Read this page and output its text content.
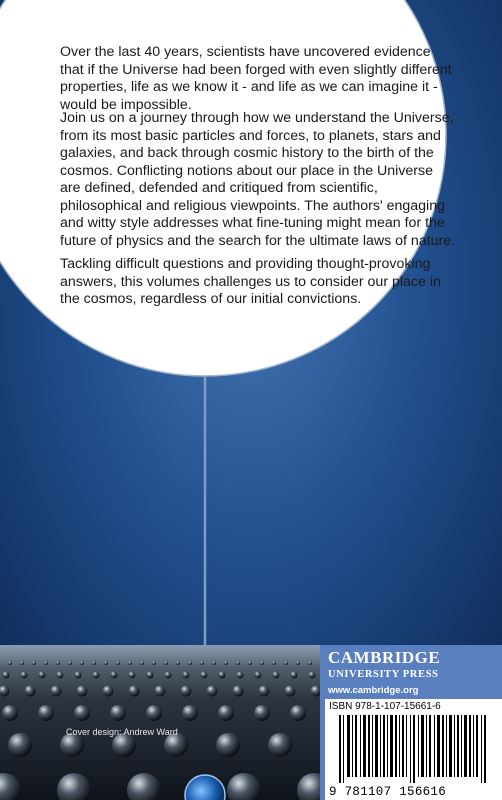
Over the last 40 years, scientists have uncovered evidence that if the Universe had been forged with even slightly different properties, life as we know it - and life as we can imagine it - would be impossible.

Join us on a journey through how we understand the Universe, from its most basic particles and forces, to planets, stars and galaxies, and back through cosmic history to the birth of the cosmos. Conflicting notions about our place in the Universe are defined, defended and critiqued from scientific, philosophical and religious viewpoints. The authors' engaging and witty style addresses what fine-tuning might mean for the future of physics and the search for the ultimate laws of nature.

Tackling difficult questions and providing thought-provoking answers, this volumes challenges us to consider our place in the cosmos, regardless of our initial convictions.

Cover design: Andrew Ward
CAMBRIDGE
UNIVERSITY PRESS
www.cambridge.org
ISBN 978-1-107-15661-6
9 781107 156616
